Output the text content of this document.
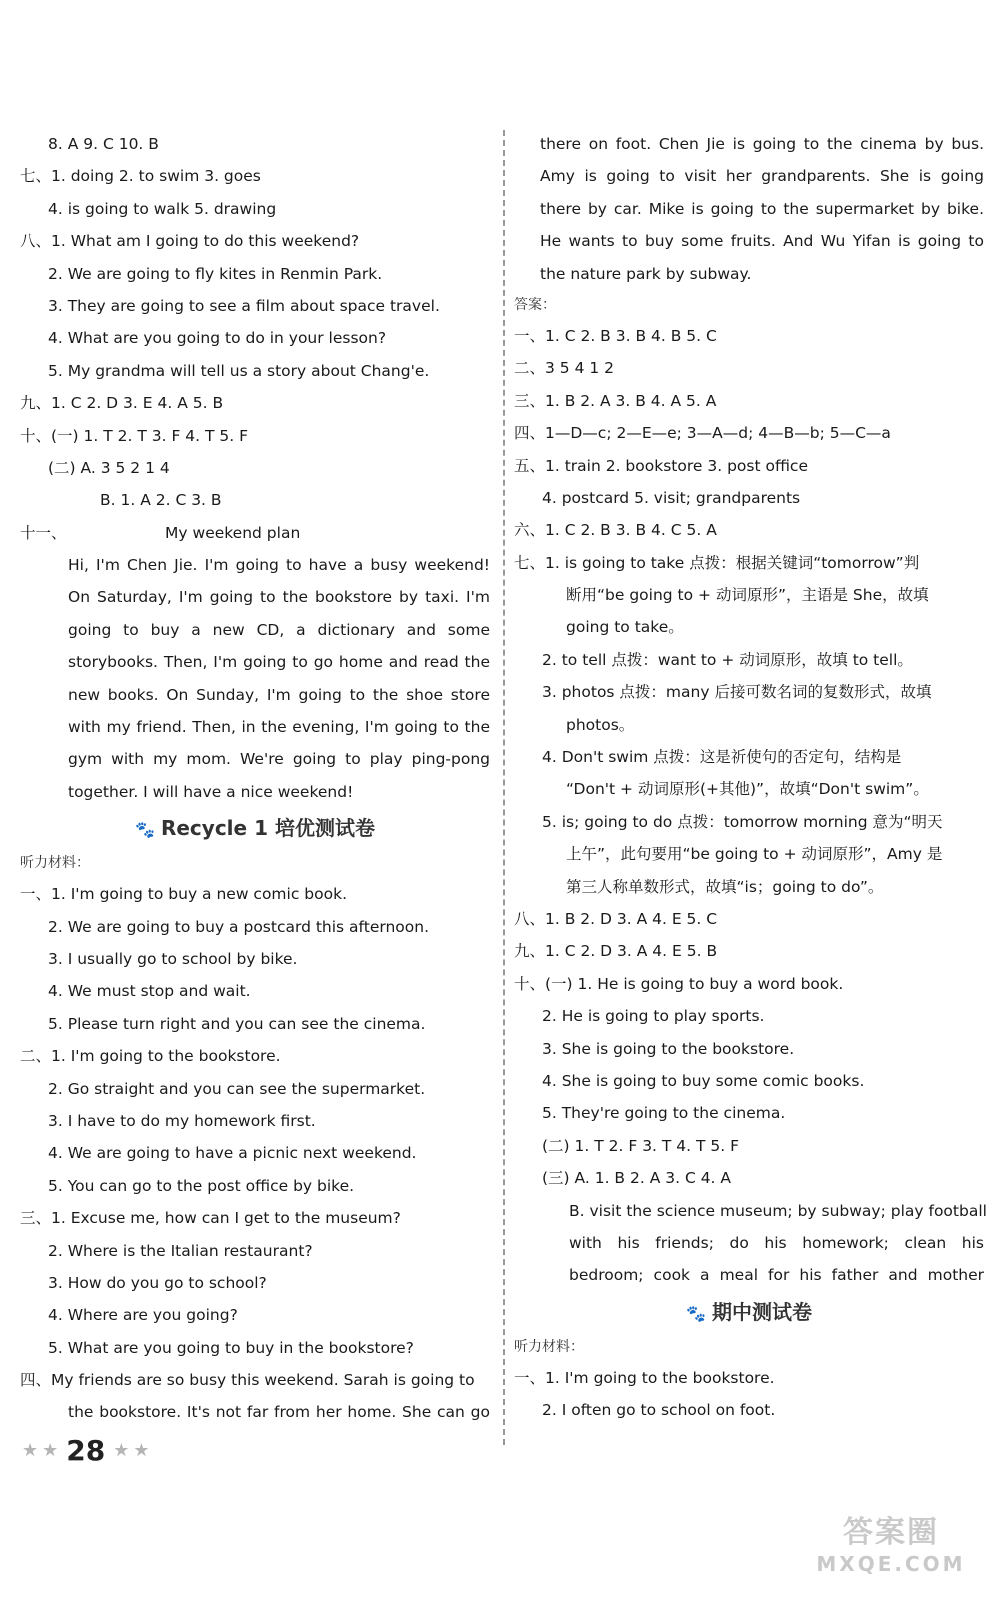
8. A 9. C 10. B
七、1. doing 2. to swim 3. goes
4. is going to walk 5. drawing
八、1. What am I going to do this weekend?
2. We are going to fly kites in Renmin Park.
3. They are going to see a film about space travel.
4. What are you going to do in your lesson?
5. My grandma will tell us a story about Chang'e.
九、1. C 2. D 3. E 4. A 5. B
十、(一) 1. T 2. T 3. F 4. T 5. F
(二) A. 3 5 2 1 4
B. 1. A 2. C 3. B
十一、                    My weekend plan
Hi, I'm Chen Jie. I'm going to have a busy weekend!
On Saturday, I'm going to the bookstore by taxi. I'm
going to buy a new CD, a dictionary and some
storybooks. Then, I'm going to go home and read the
new books. On Sunday, I'm going to the shoe store
with my friend. Then, in the evening, I'm going to the
gym with my mom. We're going to play ping-pong
together. I will have a nice weekend!
🐾 Recycle 1 培优测试卷
听力材料：
一、1. I'm going to buy a new comic book.
2. We are going to buy a postcard this afternoon.
3. I usually go to school by bike.
4. We must stop and wait.
5. Please turn right and you can see the cinema.
二、1. I'm going to the bookstore.
2. Go straight and you can see the supermarket.
3. I have to do my homework first.
4. We are going to have a picnic next weekend.
5. You can go to the post office by bike.
三、1. Excuse me, how can I get to the museum?
2. Where is the Italian restaurant?
3. How do you go to school?
4. Where are you going?
5. What are you going to buy in the bookstore?
四、My friends are so busy this weekend. Sarah is going to
the bookstore. It's not far from her home. She can go
there on foot. Chen Jie is going to the cinema by bus.
Amy is going to visit her grandparents. She is going
there by car. Mike is going to the supermarket by bike.
He wants to buy some fruits. And Wu Yifan is going to
the nature park by subway.
答案：
一、1. C 2. B 3. B 4. B 5. C
二、3 5 4 1 2
三、1. B 2. A 3. B 4. A 5. A
四、1—D—c; 2—E—e; 3—A—d; 4—B—b; 5—C—a
五、1. train 2. bookstore 3. post office
4. postcard 5. visit; grandparents
六、1. C 2. B 3. B 4. C 5. A
七、1. is going to take 点拨：根据关键词“tomorrow”判
断用“be going to + 动词原形”，主语是 She，故填
going to take。
2. to tell 点拨：want to + 动词原形，故填 to tell。
3. photos 点拨：many 后接可数名词的复数形式，故填
photos。
4. Don't swim 点拨：这是祈使句的否定句，结构是
“Don't + 动词原形(+其他)”，故填“Don't swim”。
5. is; going to do 点拨：tomorrow morning 意为“明天
上午”，此句要用“be going to + 动词原形”，Amy 是
第三人称单数形式，故填“is；going to do”。
八、1. B 2. D 3. A 4. E 5. C
九、1. C 2. D 3. A 4. E 5. B
十、(一) 1. He is going to buy a word book.
2. He is going to play sports.
3. She is going to the bookstore.
4. She is going to buy some comic books.
5. They're going to the cinema.
(二) 1. T 2. F 3. T 4. T 5. F
(三) A. 1. B 2. A 3. C 4. A
B. visit the science museum; by subway; play football
with his friends; do his homework; clean his
bedroom; cook a meal for his father and mother
🐾 期中测试卷
听力材料：
一、1. I'm going to the bookstore.
2. I often go to school on foot.
★ ★ 28 ★ ★
答案圈
MXQE.COM
